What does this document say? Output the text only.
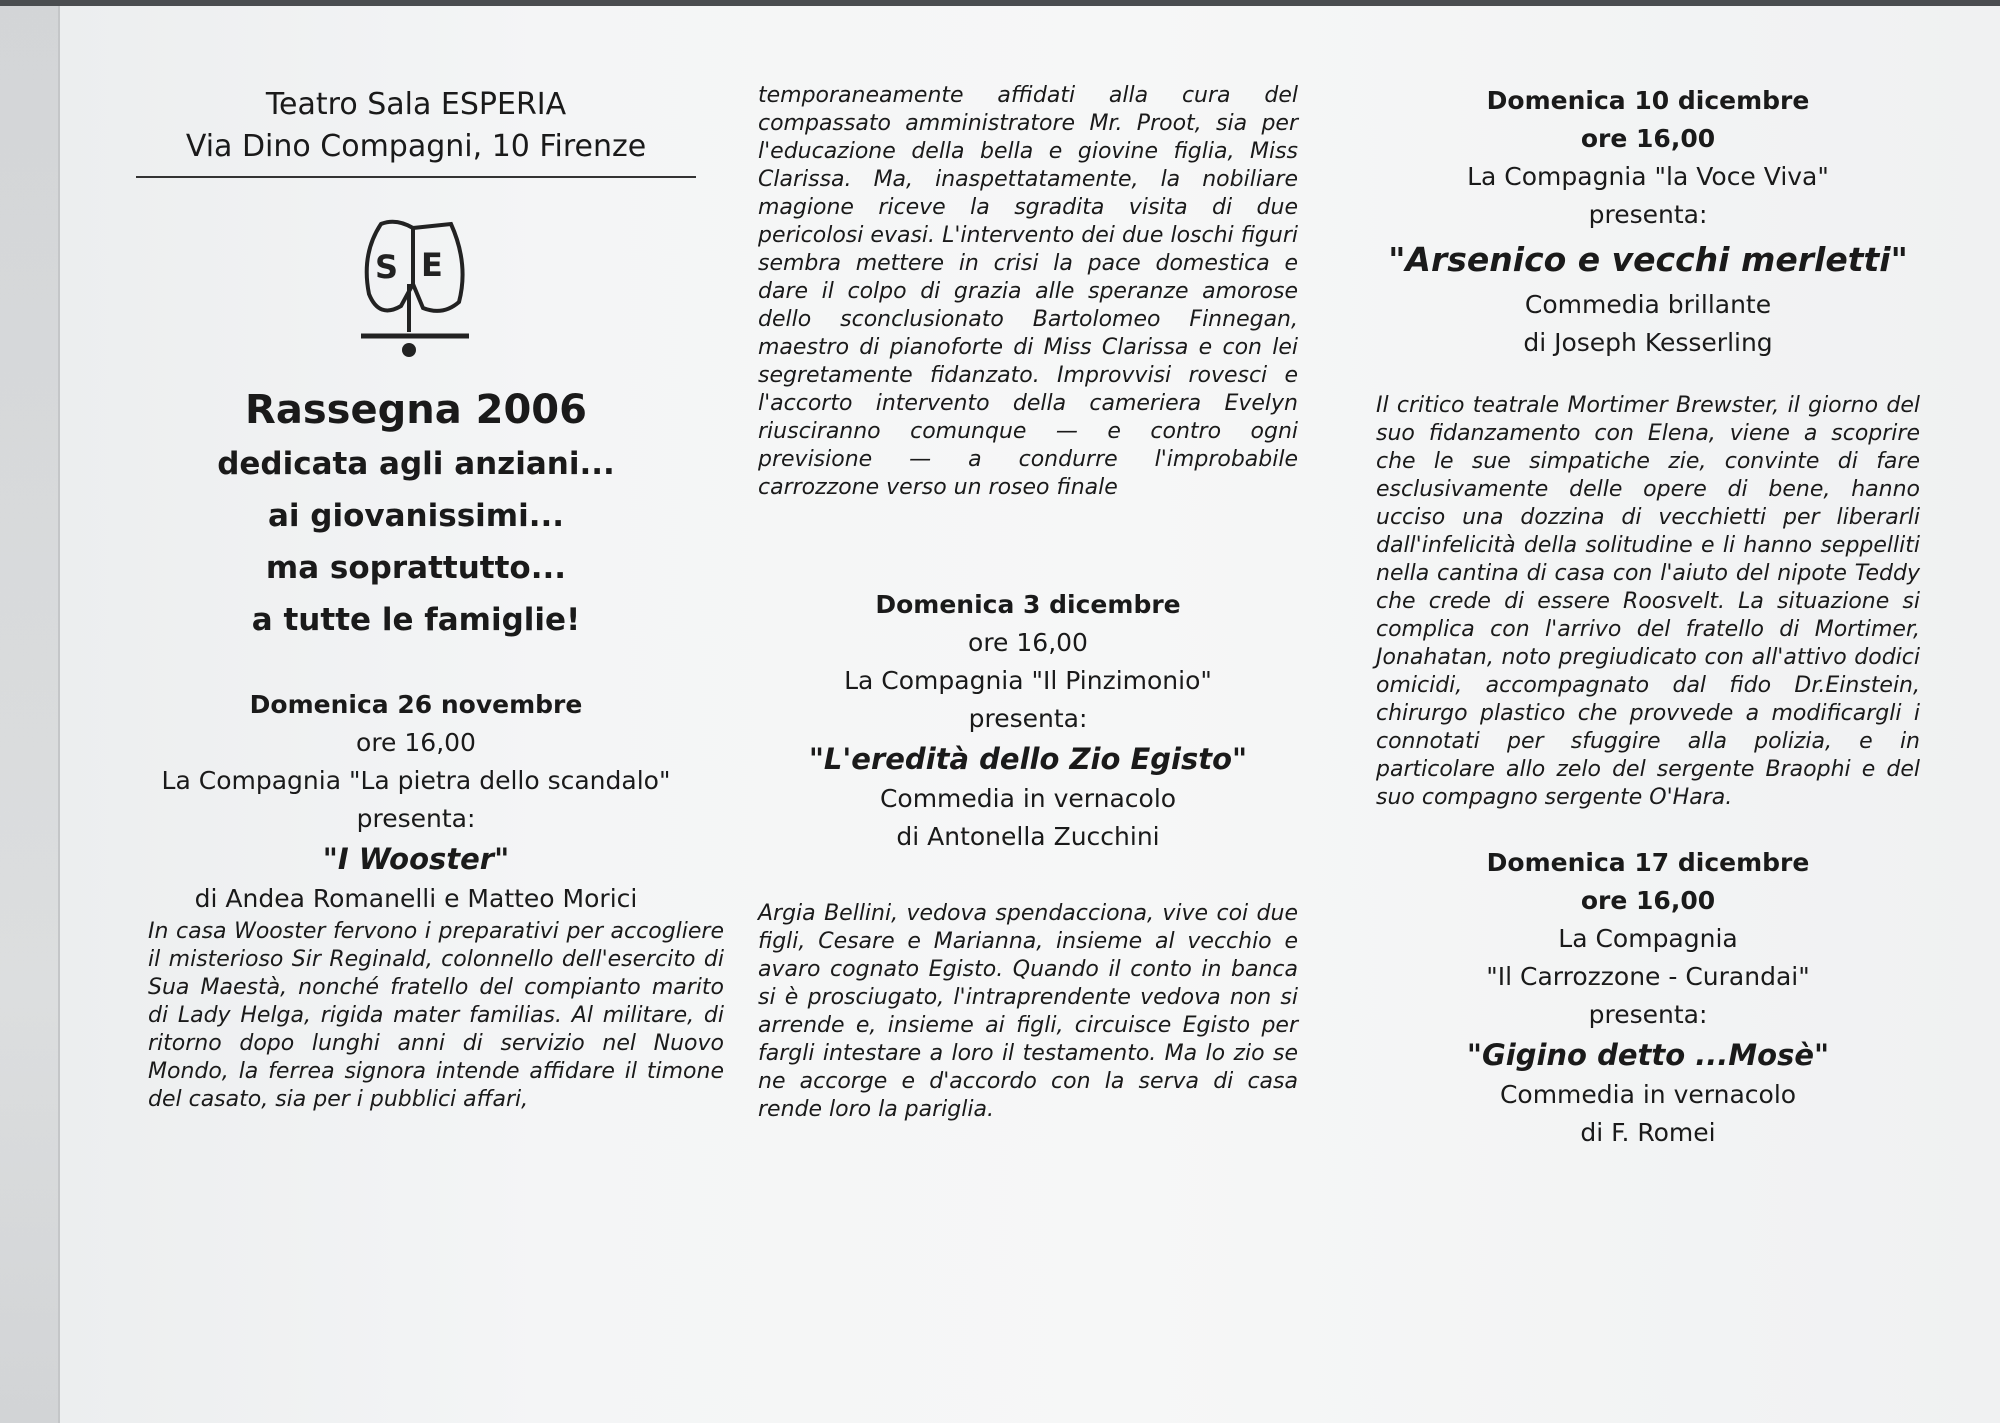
Teatro Sala ESPERIA
Via Dino Compagni, 10 Firenze
S E
Rassegna 2006
dedicata agli anziani...
ai giovanissimi...
ma soprattutto...
a tutte le famiglie!
Domenica 26 novembre
ore 16,00
La Compagnia "La pietra dello scandalo"
presenta:
"I Wooster"
di Andea Romanelli e Matteo Morici
In casa Wooster fervono i preparativi per accogliere il misterioso Sir Reginald, colonnello dell'esercito di Sua Maestà, nonché fratello del compianto marito di Lady Helga, rigida mater familias. Al militare, di ritorno dopo lunghi anni di servizio nel Nuovo Mondo, la ferrea signora intende affidare il timone del casato, sia per i pubblici affari,
temporaneamente affidati alla cura del compassato amministratore Mr. Proot, sia per l'educazione della bella e giovine figlia, Miss Clarissa. Ma, inaspettatamente, la nobiliare magione riceve la sgradita visita di due pericolosi evasi. L'intervento dei due loschi figuri sembra mettere in crisi la pace domestica e dare il colpo di grazia alle speranze amorose dello sconclusionato Bartolomeo Finnegan, maestro di pianoforte di Miss Clarissa e con lei segretamente fidanzato. Improvvisi rovesci e l'accorto intervento della cameriera Evelyn riusciranno comunque — e contro ogni previsione — a condurre l'improbabile carrozzone verso un roseo finale
Domenica 3 dicembre
ore 16,00
La Compagnia "Il Pinzimonio"
presenta:
"L'eredità dello Zio Egisto"
Commedia in vernacolo
di Antonella Zucchini
Argia Bellini, vedova spendacciona, vive coi due figli, Cesare e Marianna, insieme al vecchio e avaro cognato Egisto. Quando il conto in banca si è prosciugato, l'intraprendente vedova non si arrende e, insieme ai figli, circuisce Egisto per fargli intestare a loro il testamento. Ma lo zio se ne accorge e d'accordo con la serva di casa rende loro la pariglia.
Domenica 10 dicembre
ore 16,00
La Compagnia "la Voce Viva"
presenta:
"Arsenico e vecchi merletti"
Commedia brillante
di Joseph Kesserling
Il critico teatrale Mortimer Brewster, il giorno del suo fidanzamento con Elena, viene a scoprire che le sue simpatiche zie, convinte di fare esclusivamente delle opere di bene, hanno ucciso una dozzina di vecchietti per liberarli dall'infelicità della solitudine e li hanno seppelliti nella cantina di casa con l'aiuto del nipote Teddy che crede di essere Roosvelt. La situazione si complica con l'arrivo del fratello di Mortimer, Jonahatan, noto pregiudicato con all'attivo dodici omicidi, accompagnato dal fido Dr.Einstein, chirurgo plastico che provvede a modificargli i connotati per sfuggire alla polizia, e in particolare allo zelo del sergente Braophi e del suo compagno sergente O'Hara.
Domenica 17 dicembre
ore 16,00
La Compagnia
"Il Carrozzone - Curandai"
presenta:
"Gigino detto ...Mosè"
Commedia in vernacolo
di F. Romei
